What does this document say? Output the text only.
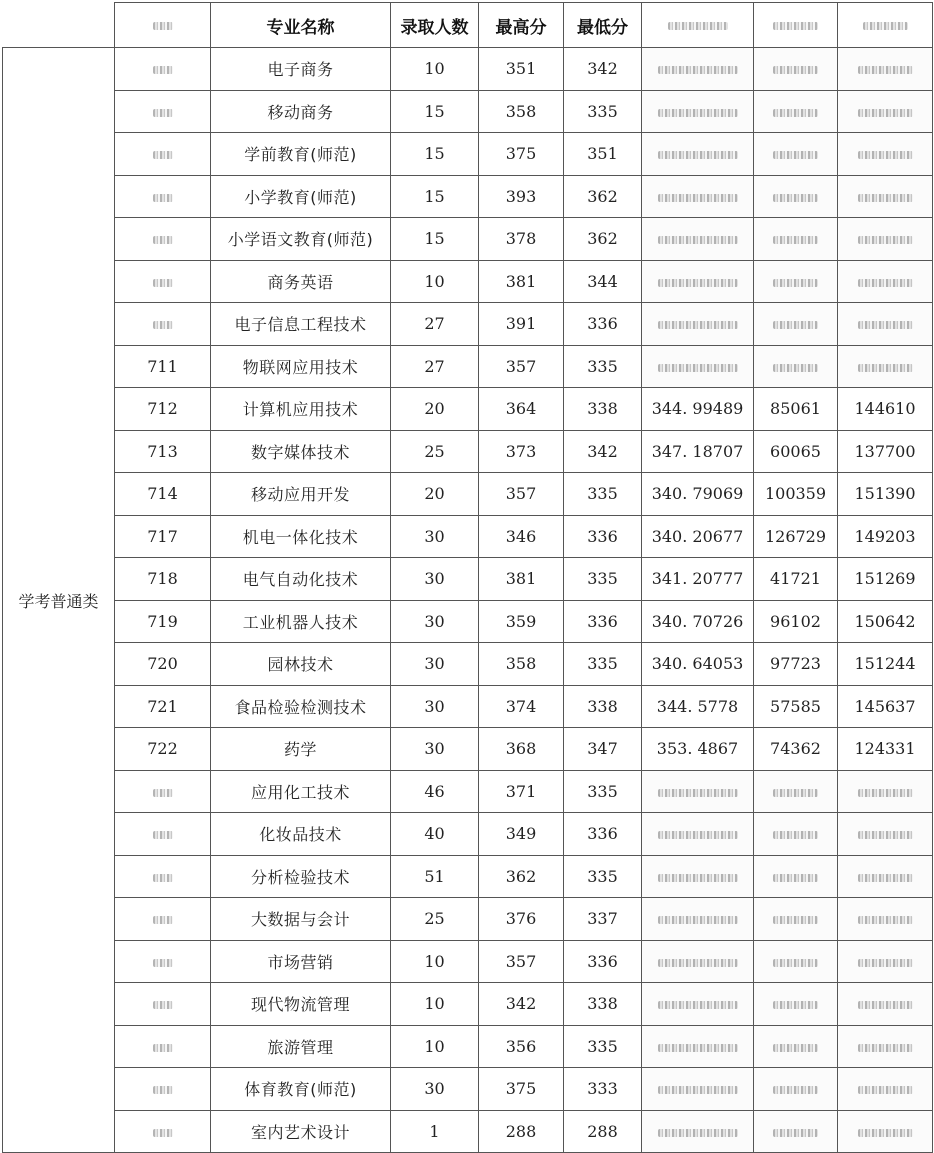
		专业名称	录取人数	最高分	最低分			
学考普通类		电子商务	10	351	342			
		移动商务	15	358	335			
		学前教育(师范)	15	375	351			
		小学教育(师范)	15	393	362			
		小学语文教育(师范)	15	378	362			
		商务英语	10	381	344			
		电子信息工程技术	27	391	336			
	711	物联网应用技术	27	357	335			
	712	计算机应用技术	20	364	338	344. 99489	85061	144610
	713	数字媒体技术	25	373	342	347. 18707	60065	137700
	714	移动应用开发	20	357	335	340. 79069	100359	151390
	717	机电一体化技术	30	346	336	340. 20677	126729	149203
	718	电气自动化技术	30	381	335	341. 20777	41721	151269
	719	工业机器人技术	30	359	336	340. 70726	96102	150642
	720	园林技术	30	358	335	340. 64053	97723	151244
	721	食品检验检测技术	30	374	338	344. 5778	57585	145637
	722	药学	30	368	347	353. 4867	74362	124331
		应用化工技术	46	371	335			
		化妆品技术	40	349	336			
		分析检验技术	51	362	335			
		大数据与会计	25	376	337			
		市场营销	10	357	336			
		现代物流管理	10	342	338			
		旅游管理	10	356	335			
		体育教育(师范)	30	375	333			
		室内艺术设计	1	288	288			
